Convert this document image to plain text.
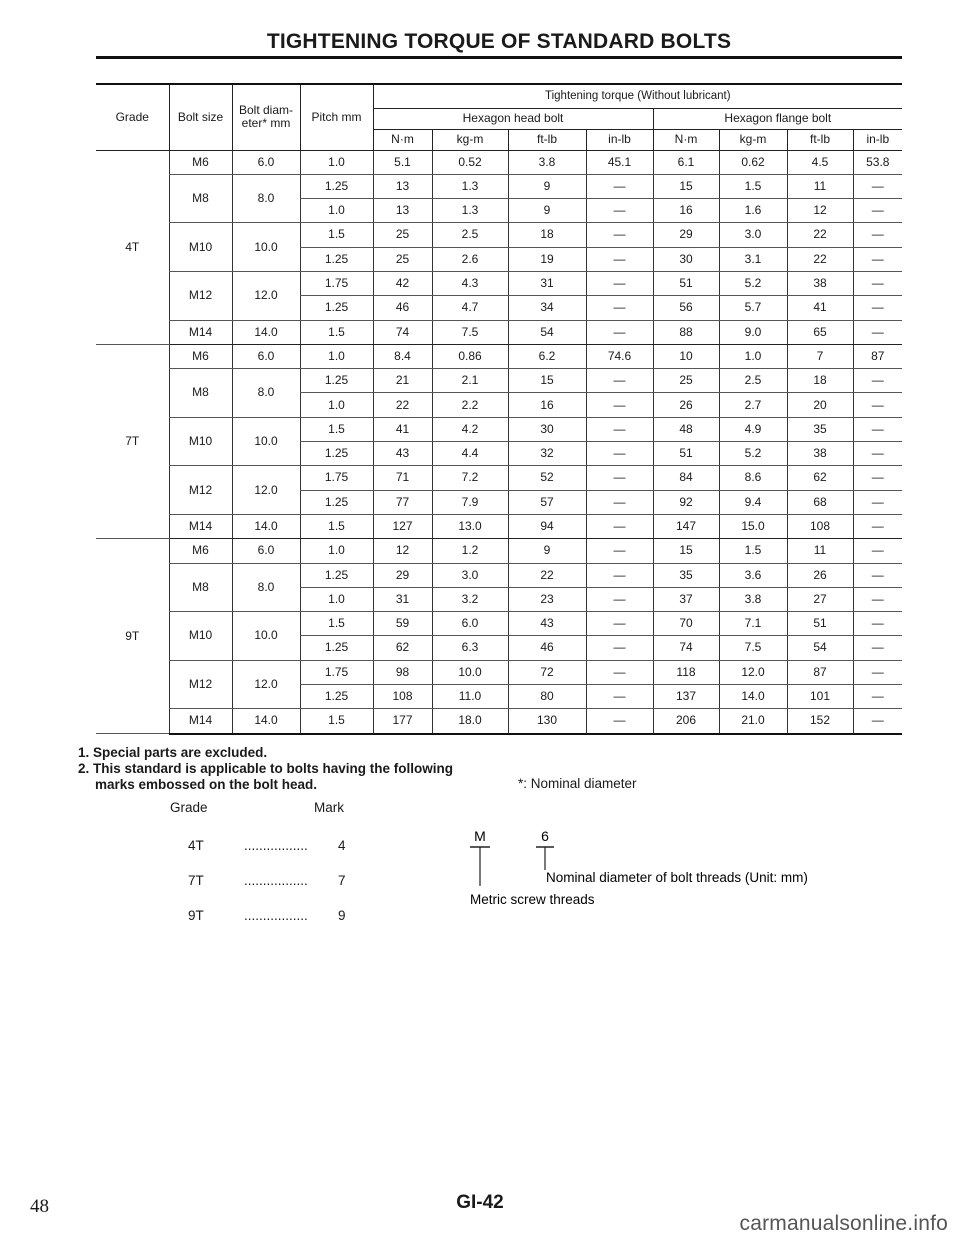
TIGHTENING TORQUE OF STANDARD BOLTS
Grade	Bolt size	Bolt diam-eter* mm	Pitch mm	Tightening torque (Without lubricant)							
				Hexagon head bolt				Hexagon flange bolt			
				N·m	kg-m	ft-lb	in-lb	N·m	kg-m	ft-lb	in-lb
4T	M6	6.0	1.0	5.1	0.52	3.8	45.1	6.1	0.62	4.5	53.8
	M8	8.0	1.25	13	1.3	9	—	15	1.5	11	—
			1.0	13	1.3	9	—	16	1.6	12	—
	M10	10.0	1.5	25	2.5	18	—	29	3.0	22	—
			1.25	25	2.6	19	—	30	3.1	22	—
	M12	12.0	1.75	42	4.3	31	—	51	5.2	38	—
			1.25	46	4.7	34	—	56	5.7	41	—
	M14	14.0	1.5	74	7.5	54	—	88	9.0	65	—
7T	M6	6.0	1.0	8.4	0.86	6.2	74.6	10	1.0	7	87
	M8	8.0	1.25	21	2.1	15	—	25	2.5	18	—
			1.0	22	2.2	16	—	26	2.7	20	—
	M10	10.0	1.5	41	4.2	30	—	48	4.9	35	—
			1.25	43	4.4	32	—	51	5.2	38	—
	M12	12.0	1.75	71	7.2	52	—	84	8.6	62	—
			1.25	77	7.9	57	—	92	9.4	68	—
	M14	14.0	1.5	127	13.0	94	—	147	15.0	108	—
9T	M6	6.0	1.0	12	1.2	9	—	15	1.5	11	—
	M8	8.0	1.25	29	3.0	22	—	35	3.6	26	—
			1.0	31	3.2	23	—	37	3.8	27	—
	M10	10.0	1.5	59	6.0	43	—	70	7.1	51	—
			1.25	62	6.3	46	—	74	7.5	54	—
	M12	12.0	1.75	98	10.0	72	—	118	12.0	87	—
			1.25	108	11.0	80	—	137	14.0	101	—
	M14	14.0	1.5	177	18.0	130	—	206	21.0	152	—
1. Special parts are excluded.
2. This standard is applicable to bolts having the following
marks embossed on the bolt head.	*: Nominal diameter
Grade	Mark
4T	................. 4
7T	................. 7
9T	................. 9
M	6
Nominal diameter of bolt threads (Unit: mm)
Metric screw threads
48	GI-42
carmanualsonline.info
